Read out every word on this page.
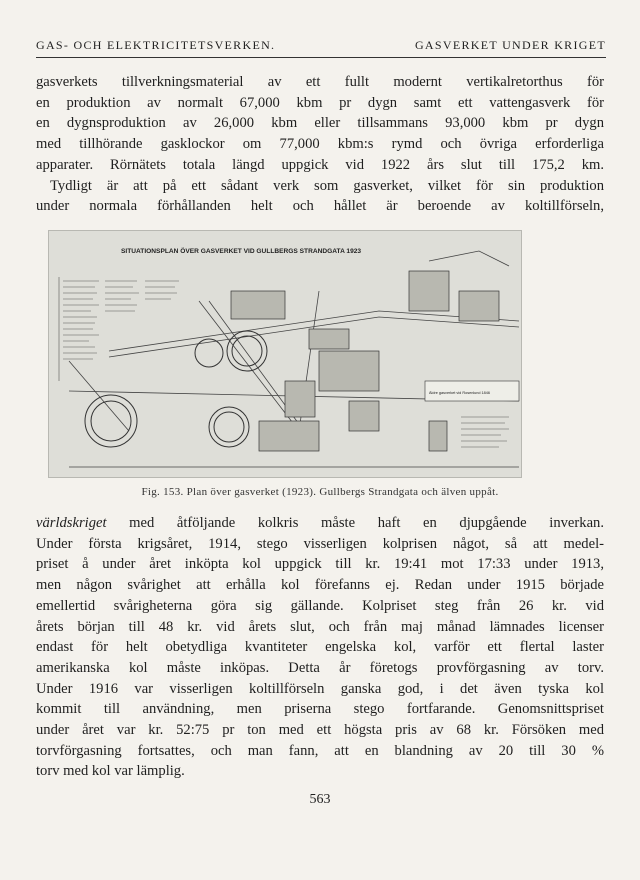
GAS- OCH ELEKTRICITETSVERKEN.	GASVERKET UNDER KRIGET
gasverkets tillverkningsmaterial av ett fullt modernt vertikalretorthus för
en produktion av normalt 67,000 kbm pr dygn samt ett vattengasverk för
en dygnsproduktion av 26,000 kbm eller tillsammans 93,000 kbm pr dygn
med tillhörande gasklockor om 77,000 kbm:s rymd och övriga erforderliga
apparater. Rörnätets totala längd uppgick vid 1922 års slut till 175,2 km.
Tydligt är att på ett sådant verk som gasverket, vilket för sin produktion
under normala förhållanden helt och hållet är beroende av koltillförseln,
SITUATIONSPLAN ÖVER GASVERKET VID GULLBERGS STRANDGATA 1923
Äldre gasverket vid Rosenlund 1846
Fig. 153. Plan över gasverket (1923). Gullbergs Strandgata och älven uppåt.
världskriget med åtföljande kolkris måste haft en djupgående inverkan.
Under första krigsåret, 1914, stego visserligen kolprisen något, så att medel-
priset å under året inköpta kol uppgick till kr. 19:41 mot 17:33 under 1913,
men någon svårighet att erhålla kol förefanns ej. Redan under 1915 började
emellertid svårigheterna göra sig gällande. Kolpriset steg från 26 kr. vid
årets början till 48 kr. vid årets slut, och från maj månad lämnades licenser
endast för helt obetydliga kvantiteter engelska kol, varför ett flertal laster
amerikanska kol måste inköpas. Detta år företogs provförgasning av torv.
Under 1916 var visserligen koltillförseln ganska god, i det även tyska kol
kommit till användning, men priserna stego fortfarande. Genomsnittspriset
under året var kr. 52:75 pr ton med ett högsta pris av 68 kr. Försöken med
torvförgasning fortsattes, och man fann, att en blandning av 20 till 30 %
torv med kol var lämplig.
563
